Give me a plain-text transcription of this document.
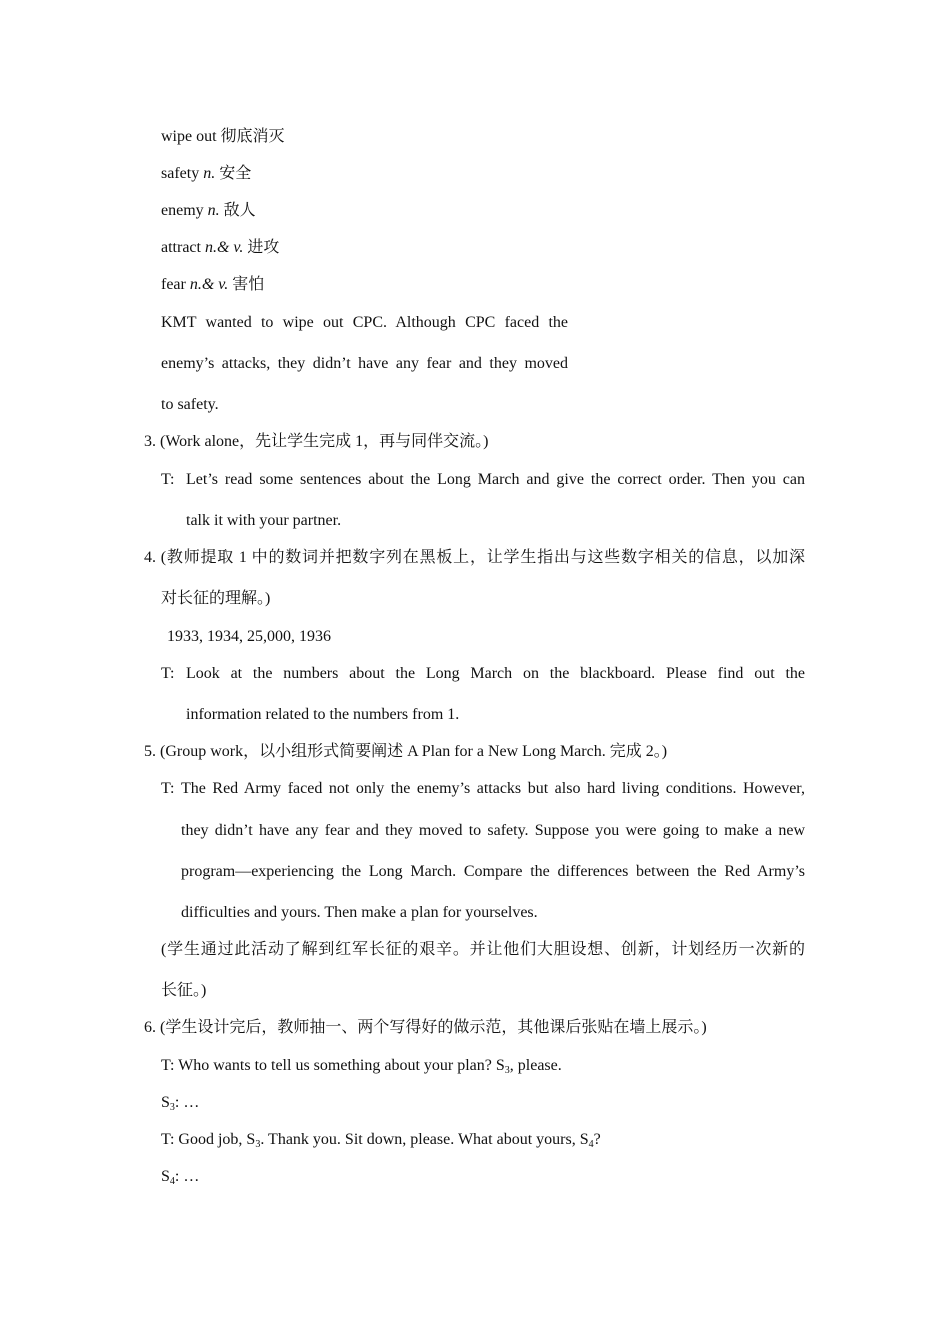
wipe out 彻底消灭
safety n. 安全
enemy n. 敌人
attract n.& v. 进攻
fear n.& v. 害怕
KMT wanted to wipe out CPC. Although CPC faced the
enemy’s attacks, they didn’t have any fear and they moved
to safety.
3. (Work alone，先让学生完成 1，再与同伴交流。)
T: Let’s read some sentences about the Long March and give the correct order. Then you can
talk it with your partner.
4. (教师提取 1 中的数词并把数字列在黑板上，让学生指出与这些数字相关的信息，以加深
对长征的理解。)
1933, 1934, 25,000, 1936
T: Look at the numbers about the Long March on the blackboard. Please find out the
information related to the numbers from 1.
5. (Group work，以小组形式简要阐述 A Plan for a New Long March. 完成 2。)
T: The Red Army faced not only the enemy’s attacks but also hard living conditions. However,
they didn’t have any fear and they moved to safety. Suppose you were going to make a new
program—experiencing the Long March. Compare the differences between the Red Army’s
difficulties and yours. Then make a plan for yourselves.
(学生通过此活动了解到红军长征的艰辛。并让他们大胆设想、创新，计划经历一次新的
长征。)
6. (学生设计完后，教师抽一、两个写得好的做示范，其他课后张贴在墙上展示。)
T: Who wants to tell us something about your plan? $S_3$, please.
$S_3$: …
T: Good job, $S_3$. Thank you. Sit down, please. What about yours, $S_4$?
$S_4$: …
